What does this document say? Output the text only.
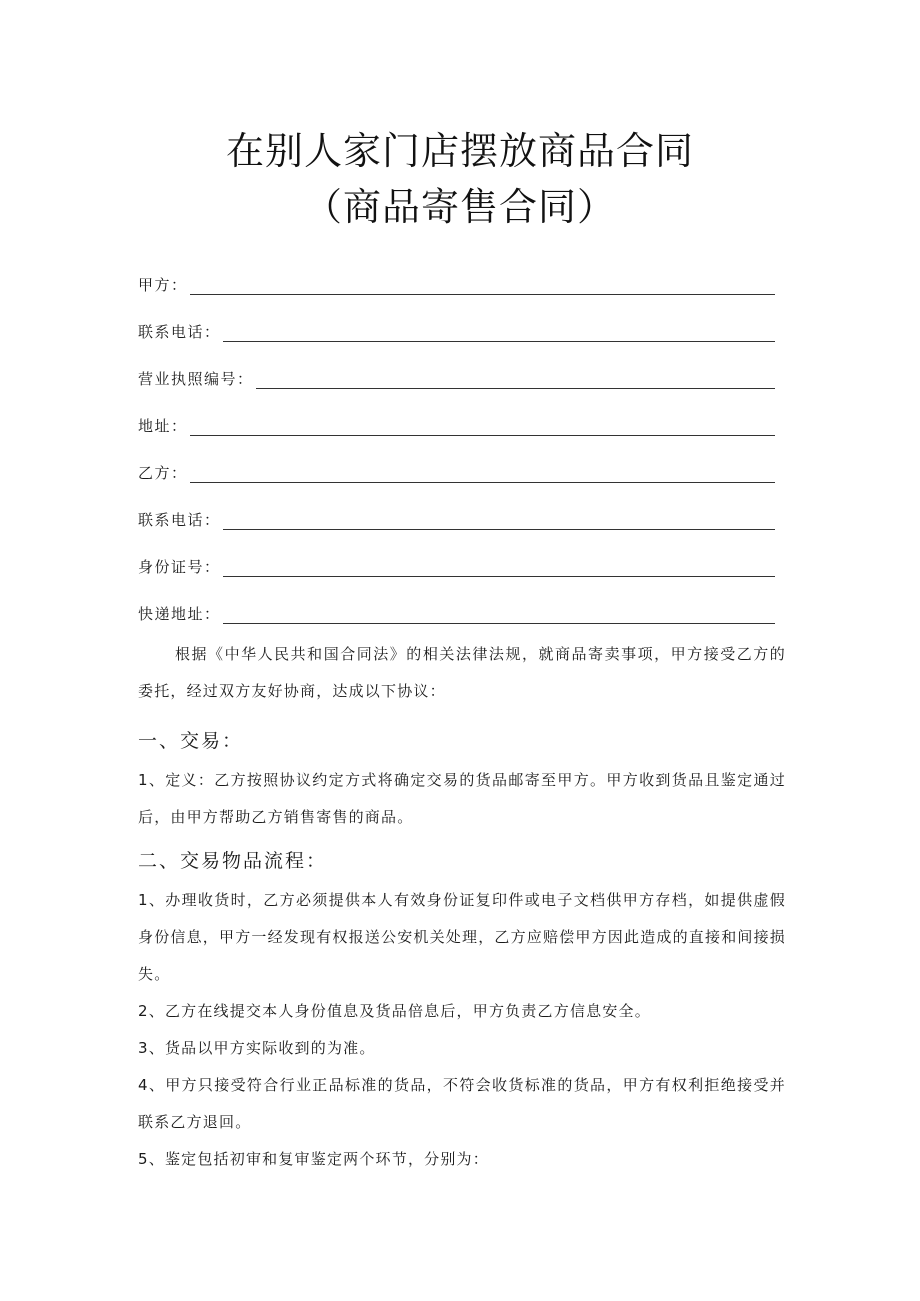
在别人家门店摆放商品合同
（商品寄售合同）
甲方：
联系电话：
营业执照编号：
地址：
乙方：
联系电话：
身份证号：
快递地址：

根据《中华人民共和国合同法》的相关法律法规，就商品寄卖事项，甲方接受乙方的委托，经过双方友好协商，达成以下协议：

一、交易：

1、定义：乙方按照协议约定方式将确定交易的货品邮寄至甲方。甲方收到货品且鉴定通过后，由甲方帮助乙方销售寄售的商品。

二、交易物品流程：

1、办理收货时，乙方必须提供本人有效身份证复印件或电子文档供甲方存档，如提供虚假身份信息，甲方一经发现有权报送公安机关处理，乙方应赔偿甲方因此造成的直接和间接损失。

2、乙方在线提交本人身份值息及货品倍息后，甲方负责乙方信息安全。

3、货品以甲方实际收到的为准。

4、甲方只接受符合行业正品标准的货品，不符会收货标准的货品，甲方有权利拒绝接受并联系乙方退回。

5、鉴定包括初审和复审鉴定两个环节，分别为：
